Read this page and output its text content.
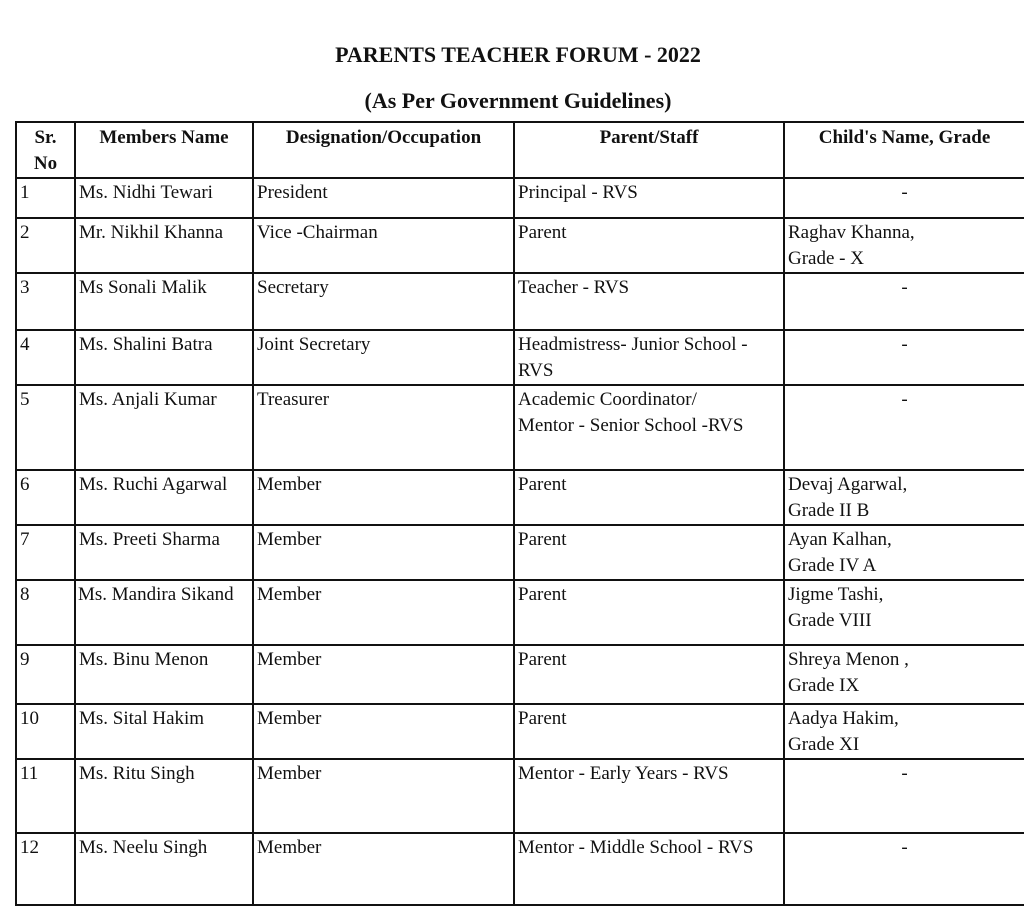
PARENTS TEACHER FORUM - 2022
(As Per Government Guidelines)
Sr.
No	Members Name	Designation/Occupation	Parent/Staff	Child's Name, Grade
1	Ms. Nidhi Tewari	President	Principal - RVS	-
2	Mr. Nikhil Khanna	Vice -Chairman	Parent	Raghav Khanna,
Grade - X
3	Ms Sonali Malik	Secretary	Teacher - RVS	-
4	Ms. Shalini Batra	Joint Secretary	Headmistress- Junior School -
RVS	-
5	Ms. Anjali Kumar	Treasurer	Academic Coordinator/
Mentor - Senior School -RVS	-
6	Ms. Ruchi Agarwal	Member	Parent	Devaj Agarwal,
Grade II B
7	Ms. Preeti Sharma	Member	Parent	Ayan Kalhan,
Grade IV A
8	Ms. Mandira Sikand	Member	Parent	Jigme Tashi,
Grade VIII
9	Ms. Binu Menon	Member	Parent	Shreya Menon ,
Grade IX
10	Ms. Sital Hakim	Member	Parent	Aadya Hakim,
Grade XI
11	Ms. Ritu Singh	Member	Mentor - Early Years - RVS	-
12	Ms. Neelu Singh	Member	Mentor - Middle School - RVS	-
